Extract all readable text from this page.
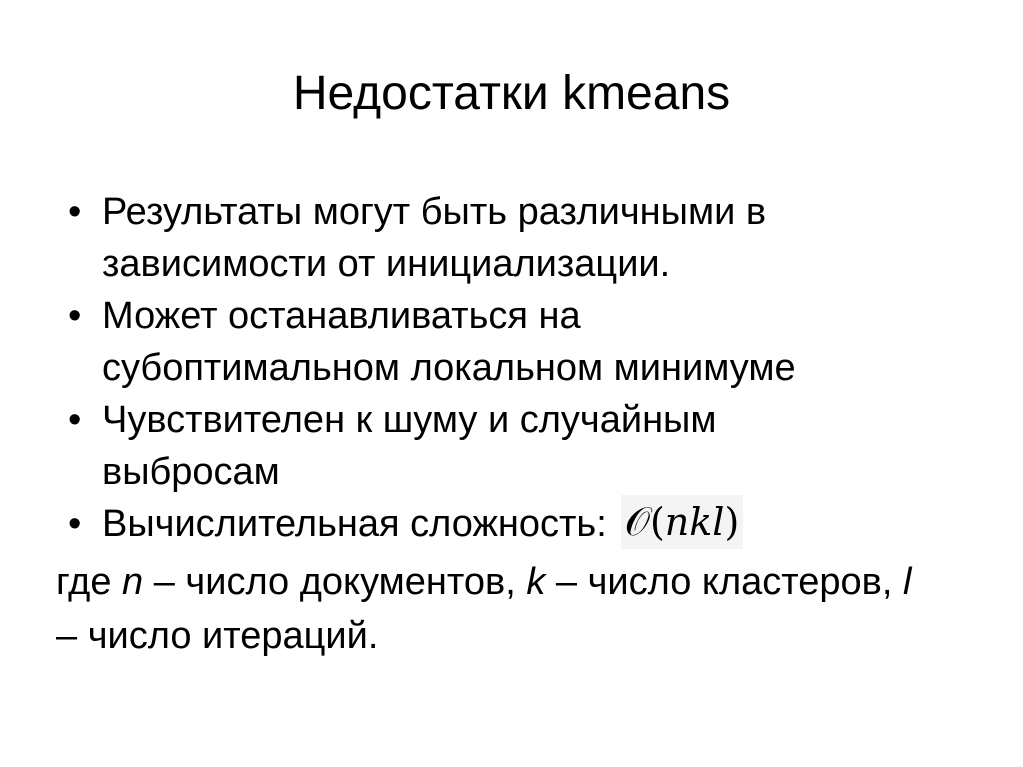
Недостатки kmeans
• Результаты могут быть различными в
зависимости от инициализации.
• Может останавливаться на
субоптимальном локальном минимуме
• Чувствителен к шуму и случайным
выбросам
• Вычислительная сложность: 𝒪(nkl)

где n – число документов, k – число кластеров, l – число итераций.
